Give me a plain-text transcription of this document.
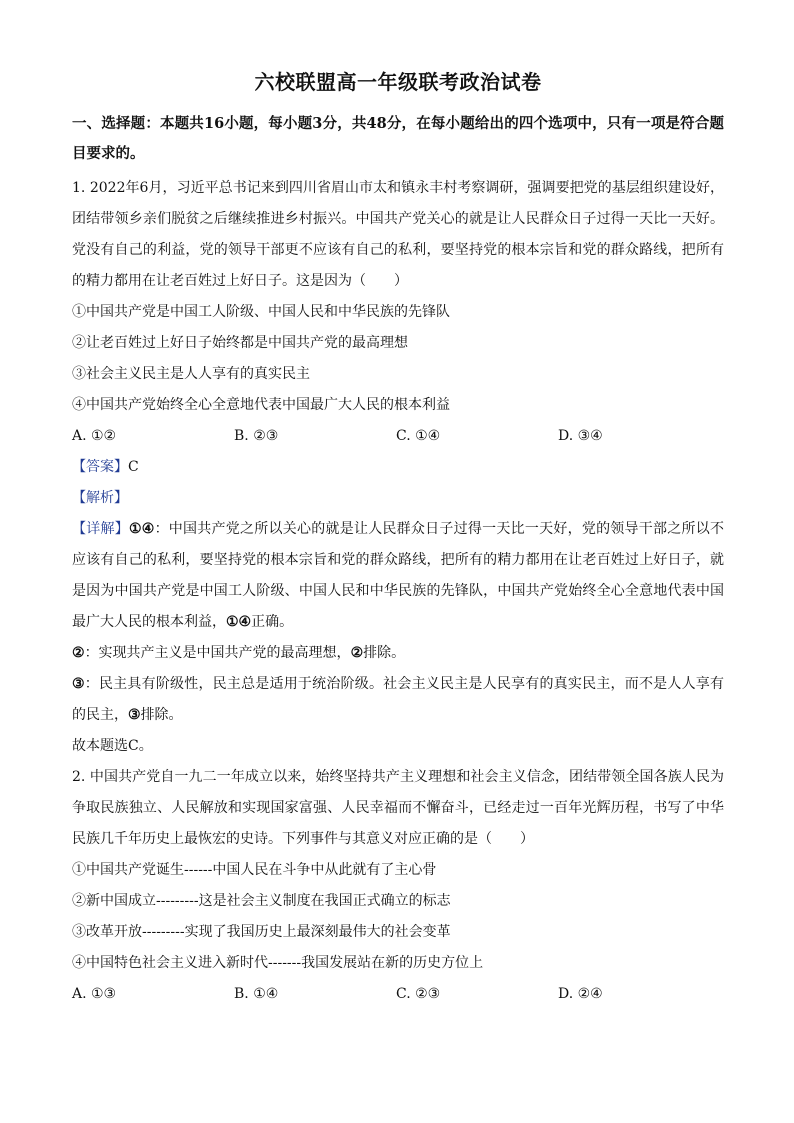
六校联盟高一年级联考政治试卷

一、选择题：本题共16小题，每小题3分，共48分，在每小题给出的四个选项中，只有一项是符合题目要求的。

1. 2022年6月，习近平总书记来到四川省眉山市太和镇永丰村考察调研，强调要把党的基层组织建设好，团结带领乡亲们脱贫之后继续推进乡村振兴。中国共产党关心的就是让人民群众日子过得一天比一天好。党没有自己的利益，党的领导干部更不应该有自己的私利，要坚持党的根本宗旨和党的群众路线，把所有的精力都用在让老百姓过上好日子。这是因为（　　）

①中国共产党是中国工人阶级、中国人民和中华民族的先锋队

②让老百姓过上好日子始终都是中国共产党的最高理想

③社会主义民主是人人享有的真实民主

④中国共产党始终全心全意地代表中国最广大人民的根本利益

A. ①②	B. ②③	C. ①④	D. ③④

【答案】C

【解析】

【详解】①④：中国共产党之所以关心的就是让人民群众日子过得一天比一天好，党的领导干部之所以不应该有自己的私利，要坚持党的根本宗旨和党的群众路线，把所有的精力都用在让老百姓过上好日子，就是因为中国共产党是中国工人阶级、中国人民和中华民族的先锋队，中国共产党始终全心全意地代表中国最广大人民的根本利益，①④正确。

②：实现共产主义是中国共产党的最高理想，②排除。

③：民主具有阶级性，民主总是适用于统治阶级。社会主义民主是人民享有的真实民主，而不是人人享有的民主，③排除。

故本题选C。

2. 中国共产党自一九二一年成立以来，始终坚持共产主义理想和社会主义信念，团结带领全国各族人民为争取民族独立、人民解放和实现国家富强、人民幸福而不懈奋斗，已经走过一百年光辉历程，书写了中华民族几千年历史上最恢宏的史诗。下列事件与其意义对应正确的是（　　）

①中国共产党诞生------中国人民在斗争中从此就有了主心骨

②新中国成立---------这是社会主义制度在我国正式确立的标志

③改革开放---------实现了我国历史上最深刻最伟大的社会变革

④中国特色社会主义进入新时代-------我国发展站在新的历史方位上

A. ①③	B. ①④	C. ②③	D. ②④
